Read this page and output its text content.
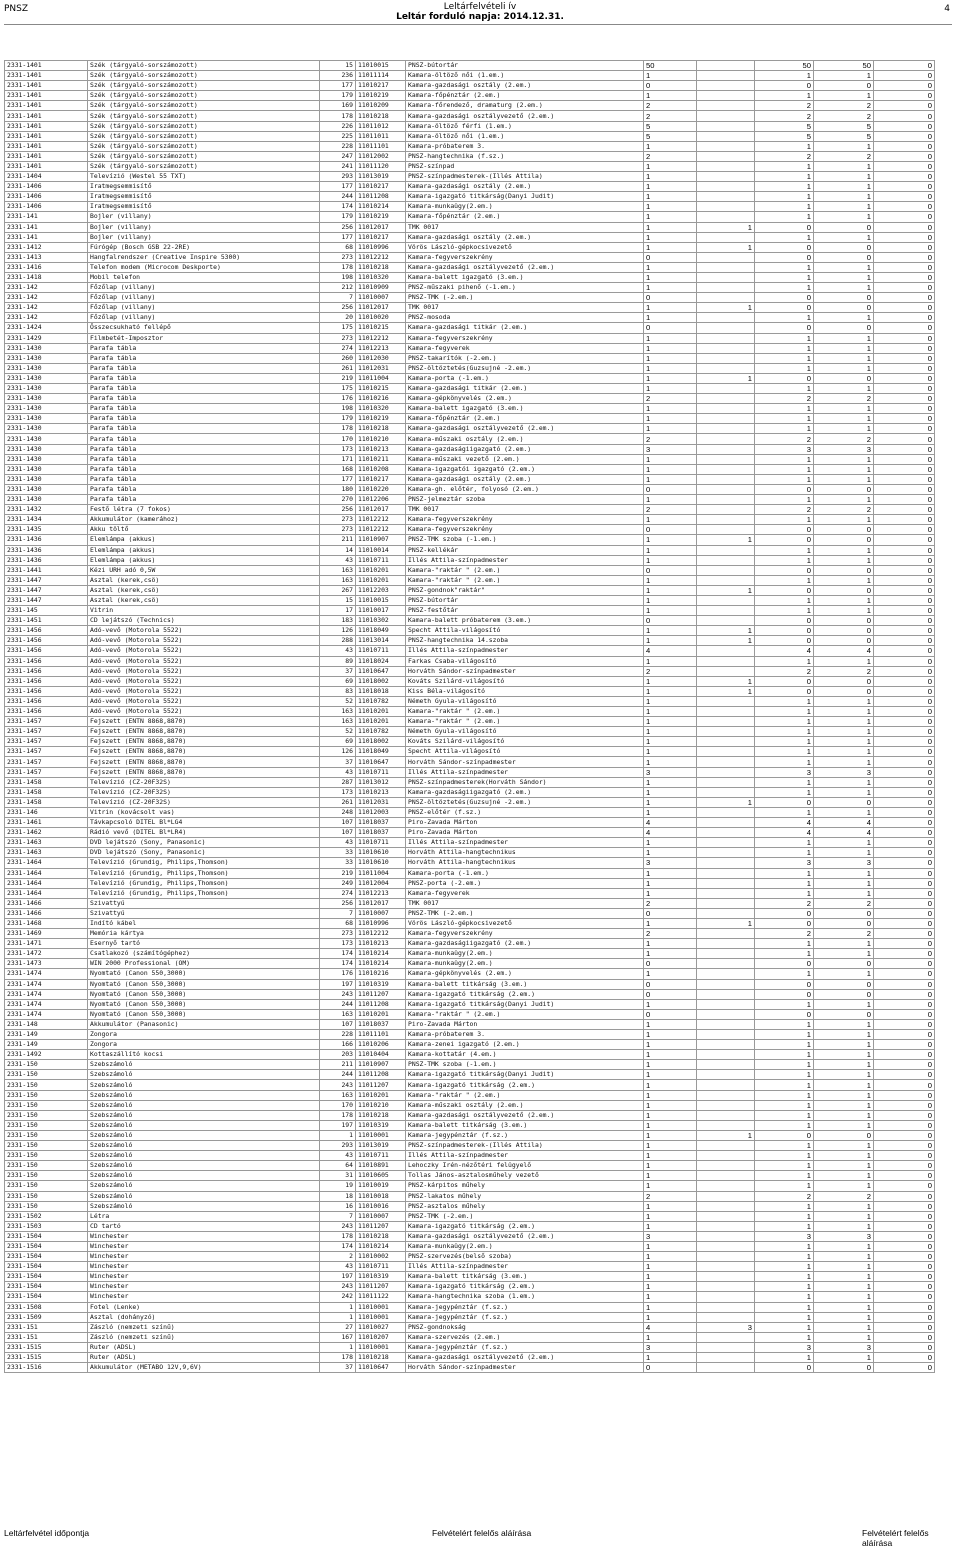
PNSZ	Leltárfelvételi ív
Leltár forduló napja: 2014.12.31.
4
2331-1401	Szék (tárgyaló-sorszámozott)	15	11010015	PNSZ-bútortár	50		50	50	0
2331-1401	Szék (tárgyaló-sorszámozott)	236	11011114	Kamara-öltöző női (1.em.)	1		1	1	0
2331-1401	Szék (tárgyaló-sorszámozott)	177	11010217	Kamara-gazdasági osztály (2.em.)	0		0	0	0
2331-1401	Szék (tárgyaló-sorszámozott)	179	11010219	Kamara-főpénztár (2.em.)	1		1	1	0
2331-1401	Szék (tárgyaló-sorszámozott)	169	11010209	Kamara-főrendező, dramaturg (2.em.)	2		2	2	0
2331-1401	Szék (tárgyaló-sorszámozott)	178	11010218	Kamara-gazdasági osztályvezető (2.em.)	2		2	2	0
2331-1401	Szék (tárgyaló-sorszámozott)	226	11011012	Kamara-öltöző férfi (1.em.)	5		5	5	0
2331-1401	Szék (tárgyaló-sorszámozott)	225	11011011	Kamara-öltöző női (1.em.)	5		5	5	0
2331-1401	Szék (tárgyaló-sorszámozott)	228	11011101	Kamara-próbaterem 3.	1		1	1	0
2331-1401	Szék (tárgyaló-sorszámozott)	247	11012002	PNSZ-hangtechnika (f.sz.)	2		2	2	0
2331-1401	Szék (tárgyaló-sorszámozott)	241	11011120	PNSZ-színpad	1		1	1	0
2331-1404	Televízió (Westel 55 TXT)	293	11013019	PNSZ-színpadmesterek-(Illés Attila)	1		1	1	0
2331-1406	Iratmegsemmisítő	177	11010217	Kamara-gazdasági osztály (2.em.)	1		1	1	0
2331-1406	Iratmegsemmisítő	244	11011208	Kamara-igazgató titkárság(Danyi Judit)	1		1	1	0
2331-1406	Iratmegsemmisítő	174	11010214	Kamara-munkaügy(2.em.)	1		1	1	0
2331-141	Bojler (villany)	179	11010219	Kamara-főpénztár (2.em.)	1		1	1	0
2331-141	Bojler (villany)	256	11012017	TMK 0017	1	1	0	0	0
2331-141	Bojler (villany)	177	11010217	Kamara-gazdasági osztály (2.em.)	1		1	1	0
2331-1412	Fúrógép (Bosch GSB 22-2RE)	68	11010996	Vörös László-gépkocsivezető	1	1	0	0	0
2331-1413	Hangfalrendszer (Creative Inspire 5300)	273	11012212	Kamara-fegyverszekrény	0		0	0	0
2331-1416	Telefon modem (Microcom Deskporte)	178	11010218	Kamara-gazdasági osztályvezető (2.em.)	1		1	1	0
2331-1418	Mobil telefon	198	11010320	Kamara-balett igazgató (3.em.)	1		1	1	0
2331-142	Főzőlap (villany)	212	11010909	PNSZ-műszaki pihenő (-1.em.)	1		1	1	0
2331-142	Főzőlap (villany)	7	11010007	PNSZ-TMK (-2.em.)	0		0	0	0
2331-142	Főzőlap (villany)	256	11012017	TMK 0017	1	1	0	0	0
2331-142	Főzőlap (villany)	20	11010020	PNSZ-mosoda	1		1	1	0
2331-1424	Összecsukható fellépő	175	11010215	Kamara-gazdasági titkár (2.em.)	0		0	0	0
2331-1429	Filmbetét-Imposztor	273	11012212	Kamara-fegyverszekrény	1		1	1	0
2331-1430	Parafa tábla	274	11012213	Kamara-fegyverek	1		1	1	0
2331-1430	Parafa tábla	260	11012030	PNSZ-takarítók (-2.em.)	1		1	1	0
2331-1430	Parafa tábla	261	11012031	PNSZ-öltöztetés(Guzsujné -2.em.)	1		1	1	0
2331-1430	Parafa tábla	219	11011004	Kamara-porta (-1.em.)	1	1	0	0	0
2331-1430	Parafa tábla	175	11010215	Kamara-gazdasági titkár (2.em.)	1		1	1	0
2331-1430	Parafa tábla	176	11010216	Kamara-gépkönyvelés (2.em.)	2		2	2	0
2331-1430	Parafa tábla	198	11010320	Kamara-balett igazgató (3.em.)	1		1	1	0
2331-1430	Parafa tábla	179	11010219	Kamara-főpénztár (2.em.)	1		1	1	0
2331-1430	Parafa tábla	178	11010218	Kamara-gazdasági osztályvezető (2.em.)	1		1	1	0
2331-1430	Parafa tábla	170	11010210	Kamara-műszaki osztály (2.em.)	2		2	2	0
2331-1430	Parafa tábla	173	11010213	Kamara-gazdaságiigazgató (2.em.)	3		3	3	0
2331-1430	Parafa tábla	171	11010211	Kamara-műszaki vezető (2.em.)	1		1	1	0
2331-1430	Parafa tábla	168	11010208	Kamara-igazgatói igazgató (2.em.)	1		1	1	0
2331-1430	Parafa tábla	177	11010217	Kamara-gazdasági osztály (2.em.)	1		1	1	0
2331-1430	Parafa tábla	180	11010220	Kamara-gh. előtér, folyosó (2.em.)	0		0	0	0
2331-1430	Parafa tábla	270	11012206	PNSZ-jelmeztár szoba	1		1	1	0
2331-1432	Festő létra (7 fokos)	256	11012017	TMK 0017	2		2	2	0
2331-1434	Akkumulátor (kamerához)	273	11012212	Kamara-fegyverszekrény	1		1	1	0
2331-1435	Akku töltő	273	11012212	Kamara-fegyverszekrény	0		0	0	0
2331-1436	Elemlámpa (akkus)	211	11010907	PNSZ-TMK szoba (-1.em.)	1	1	0	0	0
2331-1436	Elemlámpa (akkus)	14	11010014	PNSZ-kellékár	1		1	1	0
2331-1436	Elemlámpa (akkus)	43	11010711	Illés Attila-színpadmester	1		1	1	0
2331-1441	Kézi URH adó 0,5W	163	11010201	Kamara-"raktár " (2.em.)	0		0	0	0
2331-1447	Asztal (kerek,csö)	163	11010201	Kamara-"raktár " (2.em.)	1		1	1	0
2331-1447	Asztal (kerek,csö)	267	11012203	PNSZ-gondnok"raktár"	1	1	0	0	0
2331-1447	Asztal (kerek,csö)	15	11010015	PNSZ-bútortár	1		1	1	0
2331-145	Vitrin	17	11010017	PNSZ-festőtár	1		1	1	0
2331-1451	CD lejátszó (Technics)	183	11010302	Kamara-balett próbaterem (3.em.)	0		0	0	0
2331-1456	Adó-vevő (Motorola 5522)	126	11018049	Specht Attila-világosító	1	1	0	0	0
2331-1456	Adó-vevő (Motorola 5522)	288	11013014	PNSZ-hangtechnika 14.szoba	1	1	0	0	0
2331-1456	Adó-vevő (Motorola 5522)	43	11010711	Illés Attila-színpadmester	4		4	4	0
2331-1456	Adó-vevő (Motorola 5522)	89	11018024	Farkas Csaba-világosító	1		1	1	0
2331-1456	Adó-vevő (Motorola 5522)	37	11010647	Horváth Sándor-színpadmester	2		2	2	0
2331-1456	Adó-vevő (Motorola 5522)	69	11018002	Kováts Szilárd-világosító	1	1	0	0	0
2331-1456	Adó-vevő (Motorola 5522)	83	11018018	Kiss Béla-világosító	1	1	0	0	0
2331-1456	Adó-vevő (Motorola 5522)	52	11010782	Németh Gyula-világosító	1		1	1	0
2331-1456	Adó-vevő (Motorola 5522)	163	11010201	Kamara-"raktár " (2.em.)	1		1	1	0
2331-1457	Fejszett (ENTN 8868,8870)	163	11010201	Kamara-"raktár " (2.em.)	1		1	1	0
2331-1457	Fejszett (ENTN 8868,8870)	52	11010782	Németh Gyula-világosító	1		1	1	0
2331-1457	Fejszett (ENTN 8868,8870)	69	11018002	Kováts Szilárd-világosító	1		1	1	0
2331-1457	Fejszett (ENTN 8868,8870)	126	11018049	Specht Attila-világosító	1		1	1	0
2331-1457	Fejszett (ENTN 8868,8870)	37	11010647	Horváth Sándor-színpadmester	1		1	1	0
2331-1457	Fejszett (ENTN 8868,8870)	43	11010711	Illés Attila-színpadmester	3		3	3	0
2331-1458	Televízió (CZ-20F32S)	287	11013012	PNSZ-színpadmesterek(Horváth Sándor)	1		1	1	0
2331-1458	Televízió (CZ-20F32S)	173	11010213	Kamara-gazdaságiigazgató (2.em.)	1		1	1	0
2331-1458	Televízió (CZ-20F32S)	261	11012031	PNSZ-öltöztetés(Guzsujné -2.em.)	1	1	0	0	0
2331-146	Vitrin (kovácsolt vas)	248	11012003	PNSZ-előtér (f.sz.)	1		1	1	0
2331-1461	Távkapcsoló DITEL Bl*LG4	107	11018037	Piro-Zavada Márton	4		4	4	0
2331-1462	Rádió vevő (DITEL Bl*LR4)	107	11018037	Piro-Zavada Márton	4		4	4	0
2331-1463	DVD lejátszó (Sony, Panasonic)	43	11010711	Illés Attila-színpadmester	1		1	1	0
2331-1463	DVD lejátszó (Sony, Panasonic)	33	11010610	Horváth Attila-hangtechnikus	1		1	1	0
2331-1464	Televízió (Grundig, Philips,Thomson)	33	11010610	Horváth Attila-hangtechnikus	3		3	3	0
2331-1464	Televízió (Grundig, Philips,Thomson)	219	11011004	Kamara-porta (-1.em.)	1		1	1	0
2331-1464	Televízió (Grundig, Philips,Thomson)	249	11012004	PNSZ-porta (-2.em.)	1		1	1	0
2331-1464	Televízió (Grundig, Philips,Thomson)	274	11012213	Kamara-fegyverek	1		1	1	0
2331-1466	Szivattyú	256	11012017	TMK 0017	2		2	2	0
2331-1466	Szivattyú	7	11010007	PNSZ-TMK (-2.em.)	0		0	0	0
2331-1468	Indító kábel	68	11010996	Vörös László-gépkocsivezető	1	1	0	0	0
2331-1469	Memória kártya	273	11012212	Kamara-fegyverszekrény	2		2	2	0
2331-1471	Esernyő tartó	173	11010213	Kamara-gazdaságiigazgató (2.em.)	1		1	1	0
2331-1472	Csatlakozó (számítógéphez)	174	11010214	Kamara-munkaügy(2.em.)	1		1	1	0
2331-1473	WIN 2000 Professional (OM)	174	11010214	Kamara-munkaügy(2.em.)	0		0	0	0
2331-1474	Nyomtató (Canon 550,3000)	176	11010216	Kamara-gépkönyvelés (2.em.)	1		1	1	0
2331-1474	Nyomtató (Canon 550,3000)	197	11010319	Kamara-balett titkárság (3.em.)	0		0	0	0
2331-1474	Nyomtató (Canon 550,3000)	243	11011207	Kamara-igazgató titkárság (2.em.)	0		0	0	0
2331-1474	Nyomtató (Canon 550,3000)	244	11011208	Kamara-igazgató titkárság(Danyi Judit)	1		1	1	0
2331-1474	Nyomtató (Canon 550,3000)	163	11010201	Kamara-"raktár " (2.em.)	0		0	0	0
2331-148	Akkumulátor (Panasonic)	107	11018037	Piro-Zavada Márton	1		1	1	0
2331-149	Zongora	228	11011101	Kamara-próbaterem 3.	1		1	1	0
2331-149	Zongora	166	11010206	Kamara-zenei igazgató (2.em.)	1		1	1	0
2331-1492	Kottaszállító kocsi	203	11010404	Kamara-kottatár (4.em.)	1		1	1	0
2331-150	Szebszámoló	211	11010907	PNSZ-TMK szoba (-1.em.)	1		1	1	0
2331-150	Szebszámoló	244	11011208	Kamara-igazgató titkárság(Danyi Judit)	1		1	1	0
2331-150	Szebszámoló	243	11011207	Kamara-igazgató titkárság (2.em.)	1		1	1	0
2331-150	Szebszámoló	163	11010201	Kamara-"raktár " (2.em.)	1		1	1	0
2331-150	Szebszámoló	170	11010210	Kamara-műszaki osztály (2.em.)	1		1	1	0
2331-150	Szebszámoló	178	11010218	Kamara-gazdasági osztályvezető (2.em.)	1		1	1	0
2331-150	Szebszámoló	197	11010319	Kamara-balett titkárság (3.em.)	1		1	1	0
2331-150	Szebszámoló	1	11010001	Kamara-jegypénztár (f.sz.)	1	1	0	0	0
2331-150	Szebszámoló	293	11013019	PNSZ-színpadmesterek-(Illés Attila)	1		1	1	0
2331-150	Szebszámoló	43	11010711	Illés Attila-színpadmester	1		1	1	0
2331-150	Szebszámoló	64	11010891	Lehoczky Irén-nézőtéri felügyelő	1		1	1	0
2331-150	Szebszámoló	31	11010605	Tollas János-asztalosműhely vezető	1		1	1	0
2331-150	Szebszámoló	19	11010019	PNSZ-kárpitos műhely	1		1	1	0
2331-150	Szebszámoló	18	11010018	PNSZ-lakatos műhely	2		2	2	0
2331-150	Szebszámoló	16	11010016	PNSZ-asztalos műhely	1		1	1	0
2331-1502	Létra	7	11010007	PNSZ-TMK (-2.em.)	1		1	1	0
2331-1503	CD tartó	243	11011207	Kamara-igazgató titkárság (2.em.)	1		1	1	0
2331-1504	Winchester	178	11010218	Kamara-gazdasági osztályvezető (2.em.)	3		3	3	0
2331-1504	Winchester	174	11010214	Kamara-munkaügy(2.em.)	1		1	1	0
2331-1504	Winchester	2	11010002	PNSZ-szervezés(belső szoba)	1		1	1	0
2331-1504	Winchester	43	11010711	Illés Attila-színpadmester	1		1	1	0
2331-1504	Winchester	197	11010319	Kamara-balett titkárság (3.em.)	1		1	1	0
2331-1504	Winchester	243	11011207	Kamara-igazgató titkárság (2.em.)	1		1	1	0
2331-1504	Winchester	242	11011122	Kamara-hangtechnika szoba (1.em.)	1		1	1	0
2331-1508	Fotel (Lenke)	1	11010001	Kamara-jegypénztár (f.sz.)	1		1	1	0
2331-1509	Asztal (dohányzó)	1	11010001	Kamara-jegypénztár (f.sz.)	1		1	1	0
2331-151	Zászló (nemzeti színű)	27	11010027	PNSZ-gondnokság	4	3	1	1	0
2331-151	Zászló (nemzeti színű)	167	11010207	Kamara-szervezés (2.em.)	1		1	1	0
2331-1515	Ruter (ADSL)	1	11010001	Kamara-jegypénztár (f.sz.)	3		3	3	0
2331-1515	Ruter (ADSL)	178	11010218	Kamara-gazdasági osztályvezető (2.em.)	1		1	1	0
2331-1516	Akkumulátor (METABO 12V,9,6V)	37	11010647	Horváth Sándor-színpadmester	0		0	0	0
Leltárfelvétel időpontja	Felvételért felelős aláírása	Felvételért felelős aláírása
